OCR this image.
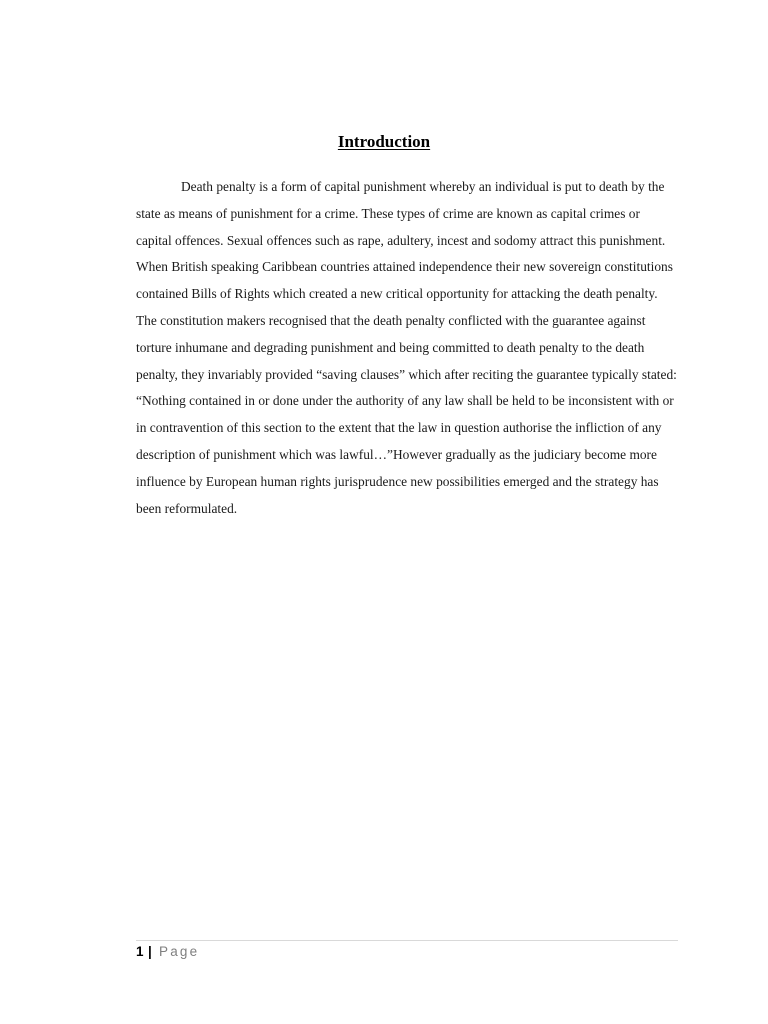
Introduction

Death penalty is a form of capital punishment whereby an individual is put to death by the state as means of punishment for a crime. These types of crime are known as capital crimes or capital offences. Sexual offences such as rape, adultery, incest and sodomy attract this punishment. When British speaking Caribbean countries attained independence their new sovereign constitutions contained Bills of Rights which created a new critical opportunity for attacking the death penalty. The constitution makers recognised that the death penalty conflicted with the guarantee against torture inhumane and degrading punishment and being committed to death penalty to the death penalty, they invariably provided “saving clauses” which after reciting the guarantee typically stated: “Nothing contained in or done under the authority of any law shall be held to be inconsistent with or in contravention of this section to the extent that the law in question authorise the infliction of any description of punishment which was lawful…”However gradually as the judiciary become more influence by European human rights jurisprudence new possibilities emerged and the strategy has been reformulated.

1 | Page
